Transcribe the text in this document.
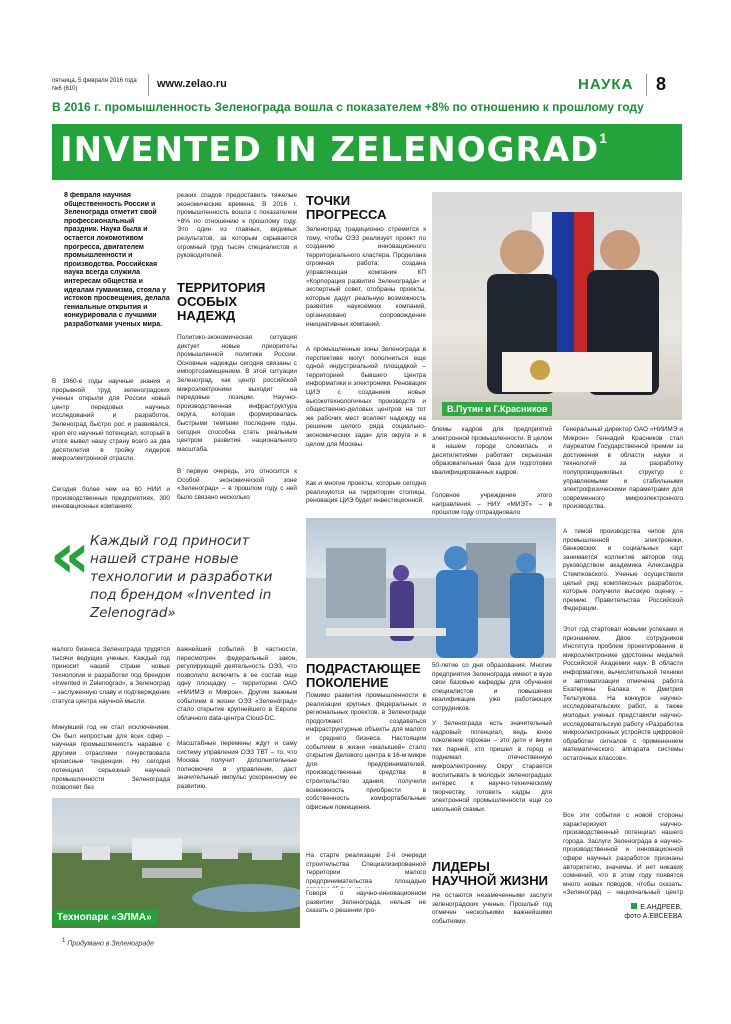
пятница, 5 февраля 2016 года
№6 (610)	www.zelao.ru	НАУКА 8
В 2016 г. промышленность Зеленограда вошла с показателем +8% по отношению к прошлому году
INVENTED IN ZELENOGRAD$^1$
8 февраля научная общественность России и Зеленограда отметит свой профессиональный праздник. Наука была и остается локомотивом прогресса, двигателем промышленности и производства. Российская наука всегда служила интересам общества и идеалам гуманизма, стояла у истоков просвещения, делала гениальные открытия и конкурировала с лучшими разработками ученых мира.
В 1960-е годы научные знания и прорывной труд зеленоградских ученых открыли для России новый центр передовых научных исследований и разработок. Зеленоград быстро рос и развивался, креп его научный потенциал, который в итоге вывел нашу страну всего за два десятилетия в тройку лидеров микроэлектронной отрасли.
Сегодня более чем на 60 НИИ и производственных предприятиях, 300 инновационных компаниях
резких спадов предоставить тяжелые экономические времена. В 2016 г. промышленность вошла с показателем +8% по отношению к прошлому году. Это один из главных, видимых результатов, за которым скрывается огромный труд тысяч специалистов и руководителей.
ТЕРРИТОРИЯ ОСОБЫХ НАДЕЖД
Политико-экономическая ситуация диктует новые приоритеты промышленной политики России. Основные надежды сегодня связаны с импортозамещением. В этой ситуации Зеленоград, как центр российской микроэлектроники выходит на передовые позиции. Научно-производственная инфраструктура округа, которая формировалась быстрыми темпами последние годы, сегодня способна стать реальным центром развития национального масштаба.
В первую очередь, это относится к Особой экономической зоне «Зеленоград» – в прошлом году с ней было связано несколько
ТОЧКИ ПРОГРЕССА
Зеленоград традиционно стремится к тому, чтобы ОЭЗ реализует проект по созданию инновационного территориального кластера. Проделана огромная работа: создана управляющая компания КП «Корпорация развития Зеленограда» и экспертный совет, отобраны проекты, которые дадут реальную возможность развития наукоемких компаний, организовано сопровождение инициативных компаний.
А промышленные зоны Зеленограда в перспективе могут пополниться еще одной индустриальной площадкой – территорией бывшего Центра информатики и электроники. Реновация ЦИЭ с созданием новых высокотехнологичных производств и общественно-деловых центров на тот же рабочих мест вселяет надежду на решение целого ряда социально-экономических задач для округа и в целом для Москвы.
Как и многие проекты, которые сегодня реализуются на территории столицы, реновация ЦИЭ будет инвестиционной.
В.Путин и Г.Красников
блемы кадров для предприятий электронной промышленности. В целом в нашем городе сложилась и десятилетиями работает серьезная образовательная база для подготовки квалифицированных кадров.
Головное учреждение этого направления – НИУ «МИЭТ» – в прошлом году отпраздновало
Генеральный директор ОАО «НИИМЭ и Микрон» Геннадий Красников стал лауреатом Государственной премии за достижения в области науки и технологий за разработку полупроводниковых структур с управляемыми и стабильными электрофизическими параметрами для современного микроэлектронного производства.
А темой производства чипов для промышленной электроники, банковских и социальных карт занимается коллектив авторов под руководством академика Александра Стемпковского. Ученые осуществили целый ряд комплексных разработок, которые получили высокую оценку – премию Правительства Российской Федерации.
Этот год стартовал новыми успехами и признанием. Двое сотрудников Института проблем проектирования в микроэлектронике удостоены медалей Российской Академии наук. В области информатики, вычислительной техники и автоматизации отмечена работа Екатерины Балака и Дмитрия Тельтукова. На конкурсе научно-исследовательских работ, а также молодых ученых представили научно-исследовательскую работу «Разработка микроэлектронных устройств цифровой обработки сигналов с применением математического аппарата системы остаточных классов».
Все эти события с новой стороны характеризуют научно-производственный потенциал нашего города. Заслуги Зеленограда в научно-производственной и инновационной сфере научных разработок признаны авторитетно, значимы. И нет никаких сомнений, что в этом году появятся много новых поводов, чтобы сказать: «Зеленоград – национальный центр
Е.АНДРЕЕВ,
фото А.ЕВСЕЕВА
« Каждый год приносит нашей стране новые технологии и разработки под брендом «Invented in Zelenograd»
малого бизнеса Зеленограда трудятся тысячи ведущих ученых. Каждый год приносит нашей стране новые технологии и разработки под брендом «Invented in Zelenograd», а Зеленоград – заслуженную славу и подтверждение статуса центра научной мысли.
Минувший год не стал исключением. Он был непростым для всех сфер – научная промышленность наравне с другими отраслями почувствовала кризисные тенденции. Но сегодня потенциал серьезный научный промышленности Зеленограда позволяет без
важнейший событий. В частности, пересмотрен федеральный закон, регулирующий деятельность ОЭЗ, что позволило включить в ее состав еще одну площадку – территорию ОАО «НИИМЭ и Микрон». Другим важным событием в жизни ОЭЗ «Зеленоград» стало открытие крупнейшего в Европе облачного data-центра Cloud-DC.
Масштабные перемены ждут и саму систему управления ОЭЗ ТВТ – то, что Москва получит дополнительные полномочия в управлении, даст значительный импульс ускоренному ее развитию.
Технопарк «ЭЛМА»
ПОДРАСТАЮЩЕЕ ПОКОЛЕНИЕ
Помимо развития промышленности в реализации крупных федеральных и региональных проектов, в Зеленограде продолжают создаваться инфраструктурные объекты для малого и среднего бизнеса. Настоящим событием в жизни «малышей» стало открытие Делового центра в 16-м микре для предпринимателей, производственные средства в строительство здания, получили возможность приобрести в собственность комфортабельные офисные помещения.
На старте реализации 2-й очереди строительства Специализированной территории малого предпринимательства площадью
Говоря о научно-инновационном развитии Зеленограда, нельзя не сказать о решении про-
50-летие со дня образования. Многие предприятия Зеленограда имеют в вузе свои базовые кафедры для обучения специалистов и повышения квалификации уже работающих сотрудников.
У Зеленограда есть значительный кадровый потенциал, ведь юное поколение горожан – это дети и внуки тех парней, кто пришел в город и поднимал отечественную микроэлектронику. Округ старается воспитывать в молодых зеленоградцах интерес к научно-техническому творчеству, готовить кадры для электронной промышленности еще со школьной скамьи.
ЛИДЕРЫ НАУЧНОЙ ЖИЗНИ
Не остаются незамеченными заслуги зеленоградских ученых. Прошлый год отмечен несколькими важнейшими событиями.
$^1$ Придумано в Зеленограде
